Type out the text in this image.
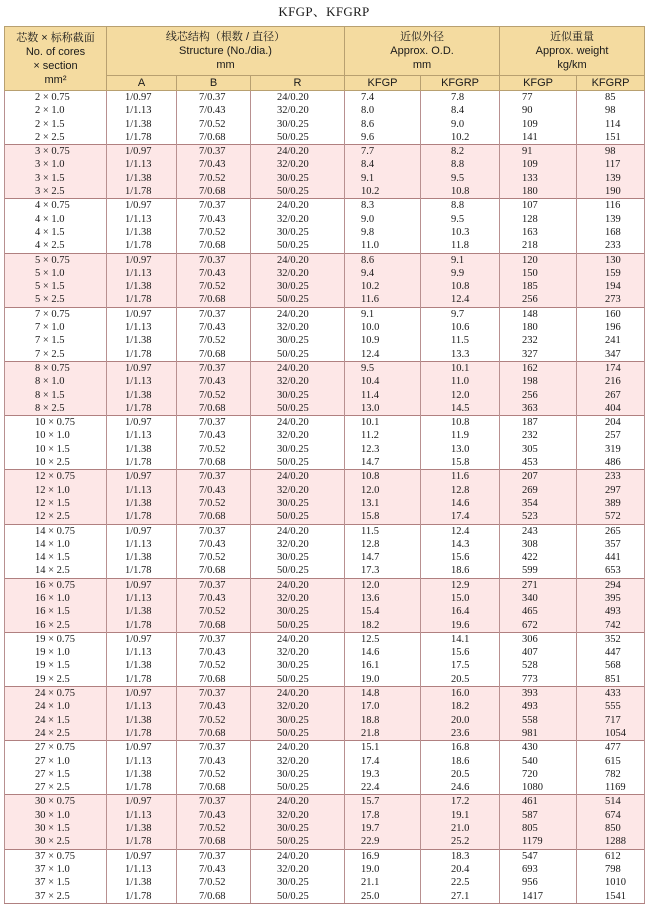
KFGP、KFGRP
芯数 × 标称截面
No. of cores
× section
mm²	线芯结构（根数 / 直径）
Structure (No./dia.)
mm			近似外径
Approx. O.D.
mm		近似重量
Approx. weight
kg/km	

	A	B	R	KFGP	KFGRP	KFGP	KFGRP
2 × 0.75	1/0.97	7/0.37	24/0.20	7.4	7.8	77	85
2 × 1.0	1/1.13	7/0.43	32/0.20	8.0	8.4	90	98
2 × 1.5	1/1.38	7/0.52	30/0.25	8.6	9.0	109	114
2 × 2.5	1/1.78	7/0.68	50/0.25	9.6	10.2	141	151
3 × 0.75	1/0.97	7/0.37	24/0.20	7.7	8.2	91	98
3 × 1.0	1/1.13	7/0.43	32/0.20	8.4	8.8	109	117
3 × 1.5	1/1.38	7/0.52	30/0.25	9.1	9.5	133	139
3 × 2.5	1/1.78	7/0.68	50/0.25	10.2	10.8	180	190
4 × 0.75	1/0.97	7/0.37	24/0.20	8.3	8.8	107	116
4 × 1.0	1/1.13	7/0.43	32/0.20	9.0	9.5	128	139
4 × 1.5	1/1.38	7/0.52	30/0.25	9.8	10.3	163	168
4 × 2.5	1/1.78	7/0.68	50/0.25	11.0	11.8	218	233
5 × 0.75	1/0.97	7/0.37	24/0.20	8.6	9.1	120	130
5 × 1.0	1/1.13	7/0.43	32/0.20	9.4	9.9	150	159
5 × 1.5	1/1.38	7/0.52	30/0.25	10.2	10.8	185	194
5 × 2.5	1/1.78	7/0.68	50/0.25	11.6	12.4	256	273
7 × 0.75	1/0.97	7/0.37	24/0.20	9.1	9.7	148	160
7 × 1.0	1/1.13	7/0.43	32/0.20	10.0	10.6	180	196
7 × 1.5	1/1.38	7/0.52	30/0.25	10.9	11.5	232	241
7 × 2.5	1/1.78	7/0.68	50/0.25	12.4	13.3	327	347
8 × 0.75	1/0.97	7/0.37	24/0.20	9.5	10.1	162	174
8 × 1.0	1/1.13	7/0.43	32/0.20	10.4	11.0	198	216
8 × 1.5	1/1.38	7/0.52	30/0.25	11.4	12.0	256	267
8 × 2.5	1/1.78	7/0.68	50/0.25	13.0	14.5	363	404
10 × 0.75	1/0.97	7/0.37	24/0.20	10.1	10.8	187	204
10 × 1.0	1/1.13	7/0.43	32/0.20	11.2	11.9	232	257
10 × 1.5	1/1.38	7/0.52	30/0.25	12.3	13.0	305	319
10 × 2.5	1/1.78	7/0.68	50/0.25	14.7	15.8	453	486
12 × 0.75	1/0.97	7/0.37	24/0.20	10.8	11.6	207	233
12 × 1.0	1/1.13	7/0.43	32/0.20	12.0	12.8	269	297
12 × 1.5	1/1.38	7/0.52	30/0.25	13.1	14.6	354	389
12 × 2.5	1/1.78	7/0.68	50/0.25	15.8	17.4	523	572
14 × 0.75	1/0.97	7/0.37	24/0.20	11.5	12.4	243	265
14 × 1.0	1/1.13	7/0.43	32/0.20	12.8	14.3	308	357
14 × 1.5	1/1.38	7/0.52	30/0.25	14.7	15.6	422	441
14 × 2.5	1/1.78	7/0.68	50/0.25	17.3	18.6	599	653
16 × 0.75	1/0.97	7/0.37	24/0.20	12.0	12.9	271	294
16 × 1.0	1/1.13	7/0.43	32/0.20	13.6	15.0	340	395
16 × 1.5	1/1.38	7/0.52	30/0.25	15.4	16.4	465	493
16 × 2.5	1/1.78	7/0.68	50/0.25	18.2	19.6	672	742
19 × 0.75	1/0.97	7/0.37	24/0.20	12.5	14.1	306	352
19 × 1.0	1/1.13	7/0.43	32/0.20	14.6	15.6	407	447
19 × 1.5	1/1.38	7/0.52	30/0.25	16.1	17.5	528	568
19 × 2.5	1/1.78	7/0.68	50/0.25	19.0	20.5	773	851
24 × 0.75	1/0.97	7/0.37	24/0.20	14.8	16.0	393	433
24 × 1.0	1/1.13	7/0.43	32/0.20	17.0	18.2	493	555
24 × 1.5	1/1.38	7/0.52	30/0.25	18.8	20.0	558	717
24 × 2.5	1/1.78	7/0.68	50/0.25	21.8	23.6	981	1054
27 × 0.75	1/0.97	7/0.37	24/0.20	15.1	16.8	430	477
27 × 1.0	1/1.13	7/0.43	32/0.20	17.4	18.6	540	615
27 × 1.5	1/1.38	7/0.52	30/0.25	19.3	20.5	720	782
27 × 2.5	1/1.78	7/0.68	50/0.25	22.4	24.6	1080	1169
30 × 0.75	1/0.97	7/0.37	24/0.20	15.7	17.2	461	514
30 × 1.0	1/1.13	7/0.43	32/0.20	17.8	19.1	587	674
30 × 1.5	1/1.38	7/0.52	30/0.25	19.7	21.0	805	850
30 × 2.5	1/1.78	7/0.68	50/0.25	22.9	25.2	1179	1288
37 × 0.75	1/0.97	7/0.37	24/0.20	16.9	18.3	547	612
37 × 1.0	1/1.13	7/0.43	32/0.20	19.0	20.4	693	798
37 × 1.5	1/1.38	7/0.52	30/0.25	21.1	22.5	956	1010
37 × 2.5	1/1.78	7/0.68	50/0.25	25.0	27.1	1417	1541
